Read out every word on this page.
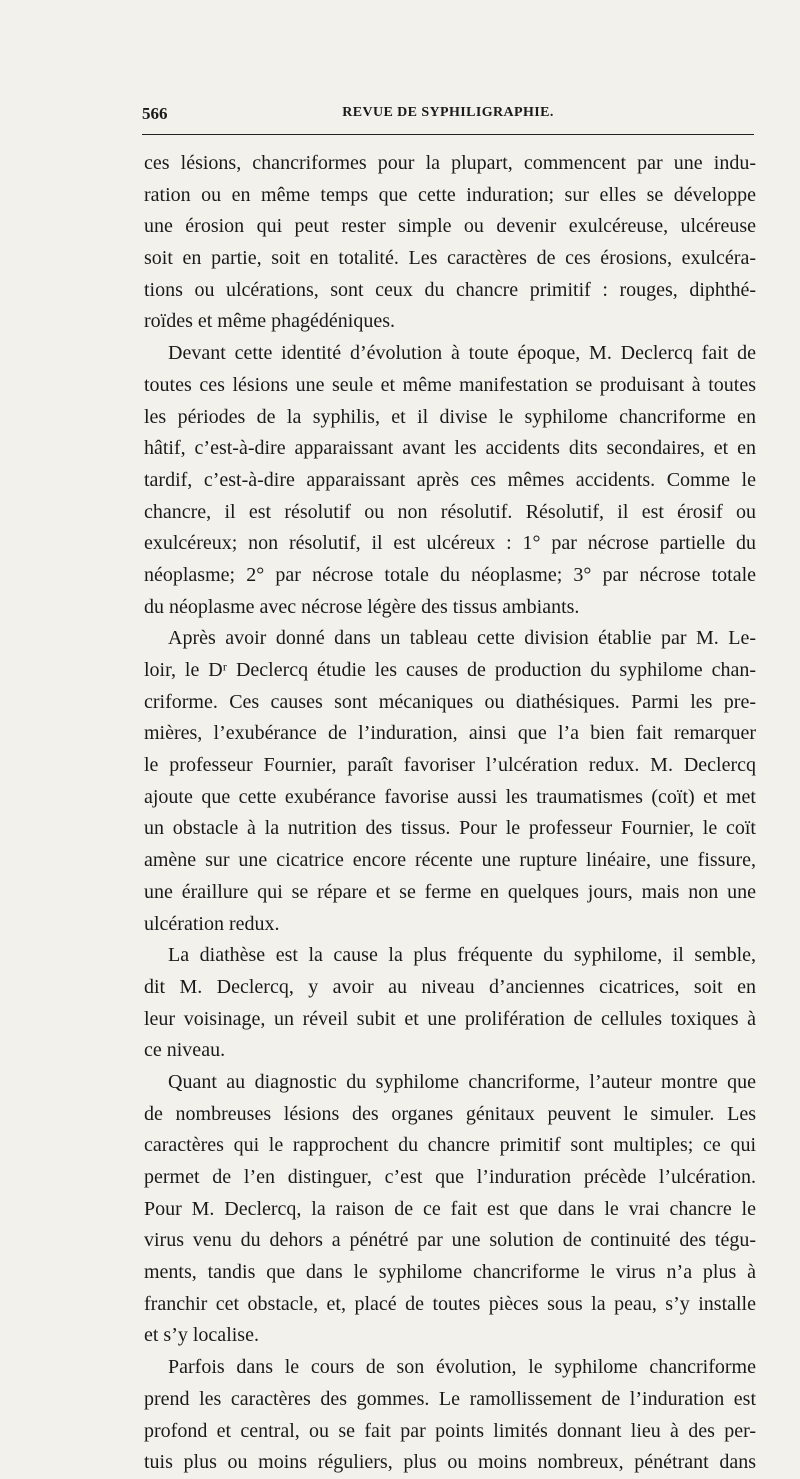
566	REVUE DE SYPHILIGRAPHIE.
ces lésions, chancriformes pour la plupart, commencent par une indu-
ration ou en même temps que cette induration; sur elles se développe
une érosion qui peut rester simple ou devenir exulcéreuse, ulcéreuse
soit en partie, soit en totalité. Les caractères de ces érosions, exulcéra-
tions ou ulcérations, sont ceux du chancre primitif : rouges, diphthé-
roïdes et même phagédéniques.
Devant cette identité d’évolution à toute époque, M. Declercq fait de
toutes ces lésions une seule et même manifestation se produisant à toutes
les périodes de la syphilis, et il divise le syphilome chancriforme en
hâtif, c’est-à-dire apparaissant avant les accidents dits secondaires, et en
tardif, c’est-à-dire apparaissant après ces mêmes accidents. Comme le
chancre, il est résolutif ou non résolutif. Résolutif, il est érosif ou
exulcéreux; non résolutif, il est ulcéreux : 1° par nécrose partielle du
néoplasme; 2° par nécrose totale du néoplasme; 3° par nécrose totale
du néoplasme avec nécrose légère des tissus ambiants.
Après avoir donné dans un tableau cette division établie par M. Le-
loir, le Dʳ Declercq étudie les causes de production du syphilome chan-
criforme. Ces causes sont mécaniques ou diathésiques. Parmi les pre-
mières, l’exubérance de l’induration, ainsi que l’a bien fait remarquer
le professeur Fournier, paraît favoriser l’ulcération redux. M. Declercq
ajoute que cette exubérance favorise aussi les traumatismes (coït) et met
un obstacle à la nutrition des tissus. Pour le professeur Fournier, le coït
amène sur une cicatrice encore récente une rupture linéaire, une fissure,
une éraillure qui se répare et se ferme en quelques jours, mais non une
ulcération redux.
La diathèse est la cause la plus fréquente du syphilome, il semble,
dit M. Declercq, y avoir au niveau d’anciennes cicatrices, soit en
leur voisinage, un réveil subit et une prolifération de cellules toxiques à
ce niveau.
Quant au diagnostic du syphilome chancriforme, l’auteur montre que
de nombreuses lésions des organes génitaux peuvent le simuler. Les
caractères qui le rapprochent du chancre primitif sont multiples; ce qui
permet de l’en distinguer, c’est que l’induration précède l’ulcération.
Pour M. Declercq, la raison de ce fait est que dans le vrai chancre le
virus venu du dehors a pénétré par une solution de continuité des tégu-
ments, tandis que dans le syphilome chancriforme le virus n’a plus à
franchir cet obstacle, et, placé de toutes pièces sous la peau, s’y installe
et s’y localise.
Parfois dans le cours de son évolution, le syphilome chancriforme
prend les caractères des gommes. Le ramollissement de l’induration est
profond et central, ou se fait par points limités donnant lieu à des per-
tuis plus ou moins réguliers, plus ou moins nombreux, pénétrant dans
